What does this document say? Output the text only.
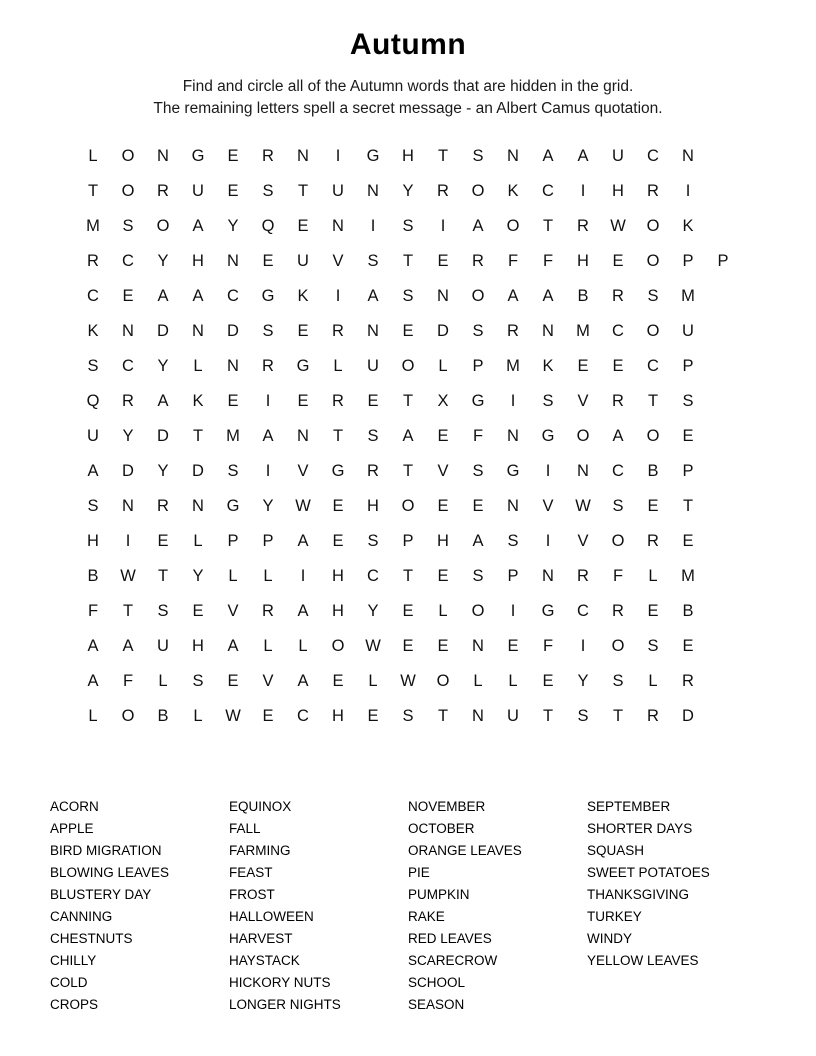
Autumn
Find and circle all of the Autumn words that are hidden in the grid.
The remaining letters spell a secret message - an Albert Camus quotation.
L	O	N	G	E	R	N	I	G	H	T	S	N	A	A	U	C	N	
T	O	R	U	E	S	T	U	N	Y	R	O	K	C	I	H	R	I	
M	S	O	A	Y	Q	E	N	I	S	I	A	O	T	R	W	O	K	
R	C	Y	H	N	E	U	V	S	T	E	R	F	F	H	E	O	P	P
C	E	A	A	C	G	K	I	A	S	N	O	A	A	B	R	S	M	
K	N	D	N	D	S	E	R	N	E	D	S	R	N	M	C	O	U	
S	C	Y	L	N	R	G	L	U	O	L	P	M	K	E	E	C	P	
Q	R	A	K	E	I	E	R	E	T	X	G	I	S	V	R	T	S	
U	Y	D	T	M	A	N	T	S	A	E	F	N	G	O	A	O	E	
A	D	Y	D	S	I	V	G	R	T	V	S	G	I	N	C	B	P	
S	N	R	N	G	Y	W	E	H	O	E	E	N	V	W	S	E	T	
H	I	E	L	P	P	A	E	S	P	H	A	S	I	V	O	R	E	
B	W	T	Y	L	L	I	H	C	T	E	S	P	N	R	F	L	M	
F	T	S	E	V	R	A	H	Y	E	L	O	I	G	C	R	E	B	
A	A	U	H	A	L	L	O	W	E	E	N	E	F	I	O	S	E	
A	F	L	S	E	V	A	E	L	W	O	L	L	E	Y	S	L	R	
L	O	B	L	W	E	C	H	E	S	T	N	U	T	S	T	R	D	
ACORN
APPLE
BIRD MIGRATION
BLOWING LEAVES
BLUSTERY DAY
CANNING
CHESTNUTS
CHILLY
COLD
CROPS
EQUINOX
FALL
FARMING
FEAST
FROST
HALLOWEEN
HARVEST
HAYSTACK
HICKORY NUTS
LONGER NIGHTS
NOVEMBER
OCTOBER
ORANGE LEAVES
PIE
PUMPKIN
RAKE
RED LEAVES
SCARECROW
SCHOOL
SEASON
SEPTEMBER
SHORTER DAYS
SQUASH
SWEET POTATOES
THANKSGIVING
TURKEY
WINDY
YELLOW LEAVES
